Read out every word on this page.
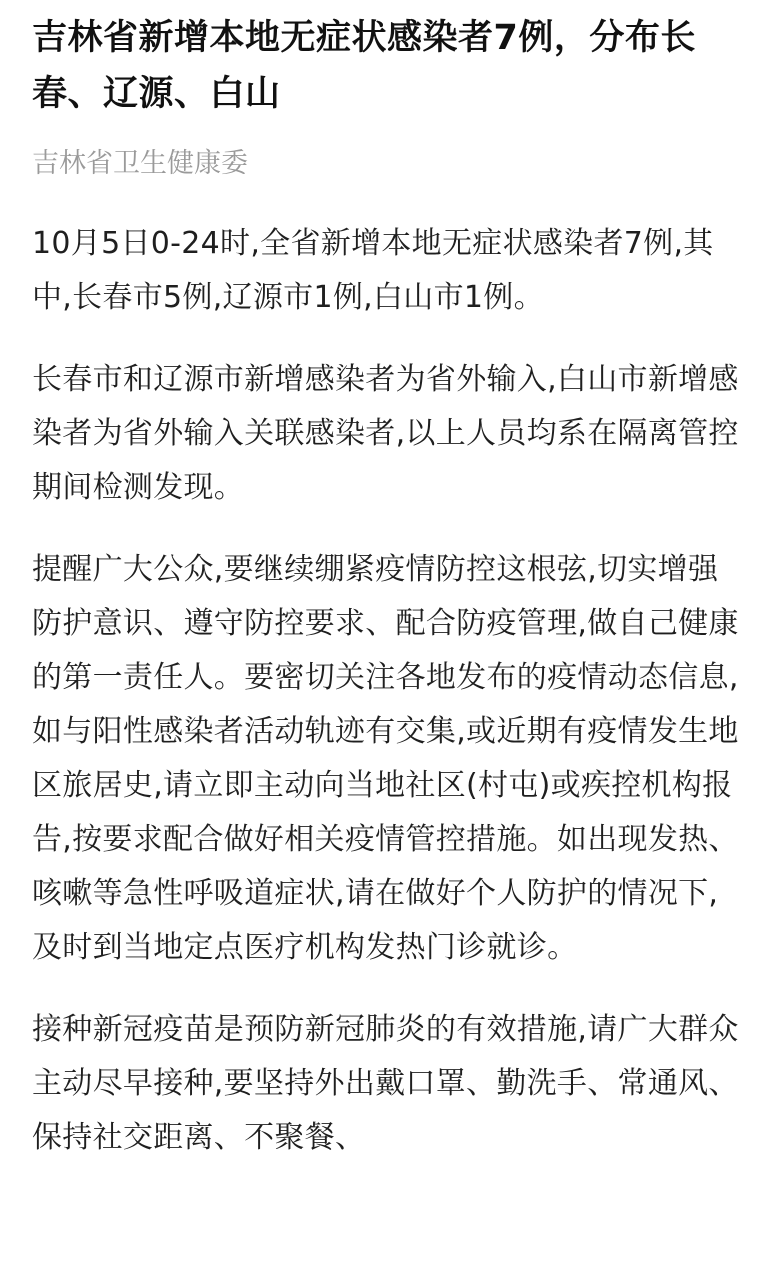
吉林省新增本地无症状感染者7例，分布长春、辽源、白山

吉林省卫生健康委

10月5日0-24时,全省新增本地无症状感染者7例,其中,长春市5例,辽源市1例,白山市1例。

长春市和辽源市新增感染者为省外输入,白山市新增感染者为省外输入关联感染者,以上人员均系在隔离管控期间检测发现。

提醒广大公众,要继续绷紧疫情防控这根弦,切实增强防护意识、遵守防控要求、配合防疫管理,做自己健康的第一责任人。要密切关注各地发布的疫情动态信息,如与阳性感染者活动轨迹有交集,或近期有疫情发生地区旅居史,请立即主动向当地社区(村屯)或疾控机构报告,按要求配合做好相关疫情管控措施。如出现发热、咳嗽等急性呼吸道症状,请在做好个人防护的情况下,及时到当地定点医疗机构发热门诊就诊。

接种新冠疫苗是预防新冠肺炎的有效措施,请广大群众主动尽早接种,要坚持外出戴口罩、勤洗手、常通风、保持社交距离、不聚餐、
